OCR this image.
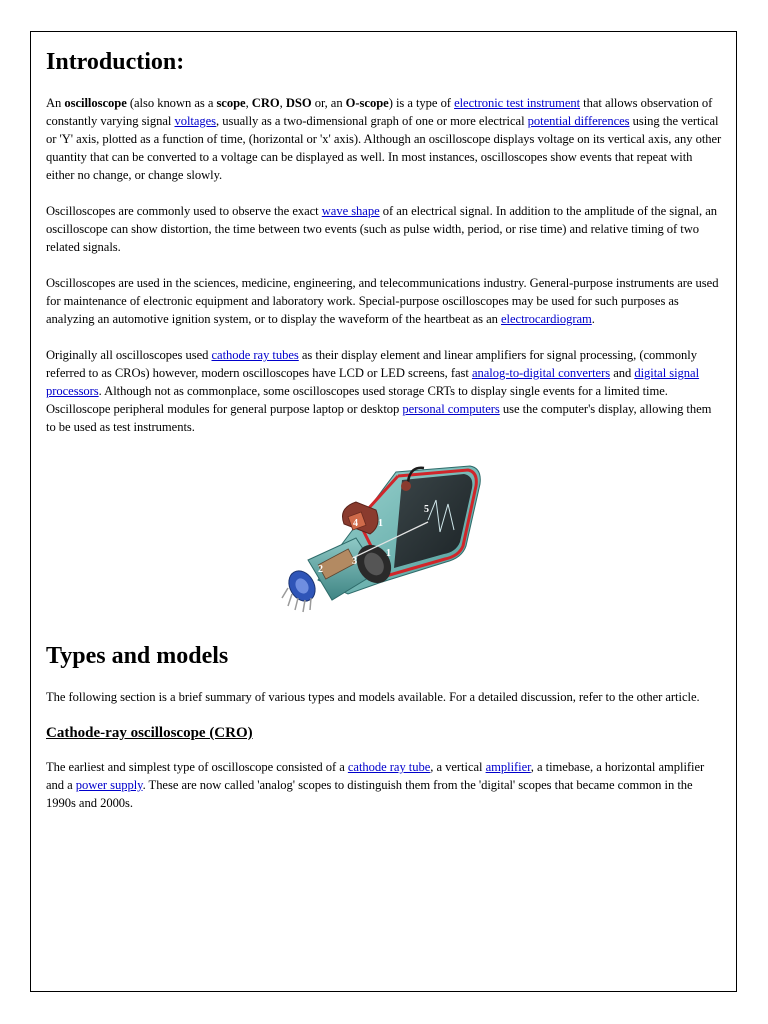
Introduction:

An oscilloscope (also known as a scope, CRO, DSO or, an O-scope) is a type of electronic test instrument that allows observation of constantly varying signal voltages, usually as a two-dimensional graph of one or more electrical potential differences using the vertical or 'Y' axis, plotted as a function of time, (horizontal or 'x' axis). Although an oscilloscope displays voltage on its vertical axis, any other quantity that can be converted to a voltage can be displayed as well. In most instances, oscilloscopes show events that repeat with either no change, or change slowly.

Oscilloscopes are commonly used to observe the exact wave shape of an electrical signal. In addition to the amplitude of the signal, an oscilloscope can show distortion, the time between two events (such as pulse width, period, or rise time) and relative timing of two related signals.

Oscilloscopes are used in the sciences, medicine, engineering, and telecommunications industry. General-purpose instruments are used for maintenance of electronic equipment and laboratory work. Special-purpose oscilloscopes may be used for such purposes as analyzing an automotive ignition system, or to display the waveform of the heartbeat as an electrocardiogram.

Originally all oscilloscopes used cathode ray tubes as their display element and linear amplifiers for signal processing, (commonly referred to as CROs) however, modern oscilloscopes have LCD or LED screens, fast analog-to-digital converters and digital signal processors. Although not as commonplace, some oscilloscopes used storage CRTs to display single events for a limited time. Oscilloscope peripheral modules for general purpose laptop or desktop personal computers use the computer's display, allowing them to be used as test instruments.

1
1
2
3
4
5
Types and models

The following section is a brief summary of various types and models available. For a detailed discussion, refer to the other article.

Cathode-ray oscilloscope (CRO)

The earliest and simplest type of oscilloscope consisted of a cathode ray tube, a vertical amplifier, a timebase, a horizontal amplifier and a power supply. These are now called 'analog' scopes to distinguish them from the 'digital' scopes that became common in the 1990s and 2000s.
